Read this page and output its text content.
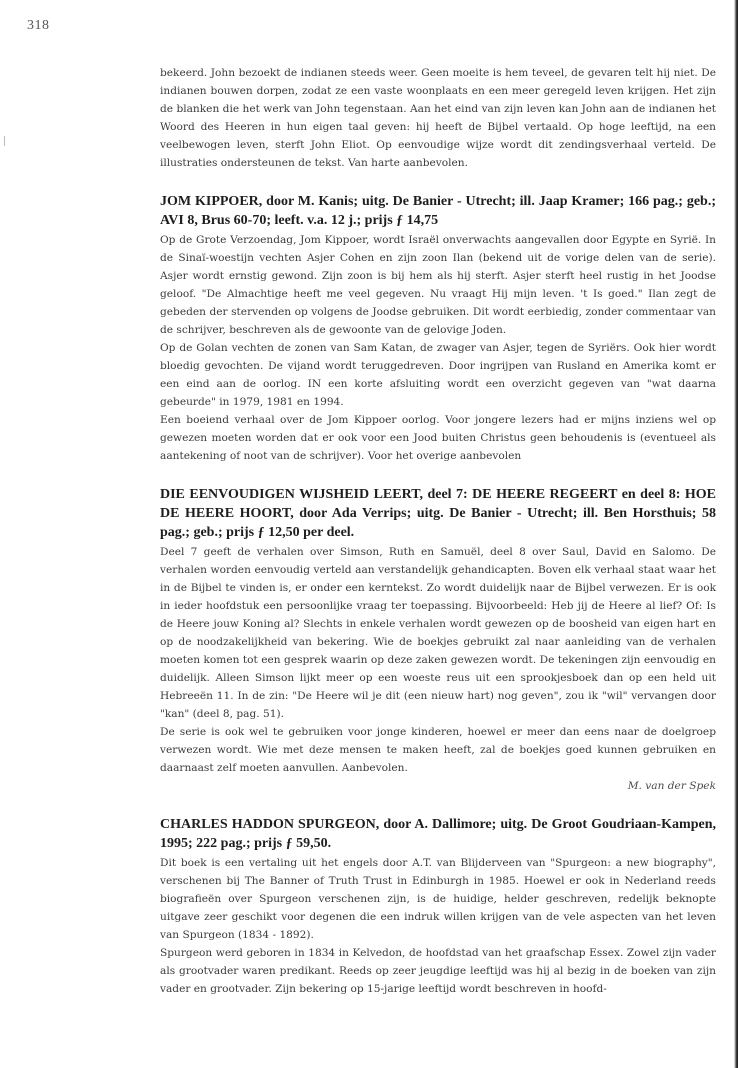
318

bekeerd. John bezoekt de indianen steeds weer. Geen moeite is hem teveel, de gevaren telt hij niet. De indianen bouwen dorpen, zodat ze een vaste woonplaats en een meer geregeld leven krijgen. Het zijn de blanken die het werk van John tegenstaan. Aan het eind van zijn leven kan John aan de indianen het Woord des Heeren in hun eigen taal geven: hij heeft de Bijbel vertaald. Op hoge leeftijd, na een veelbewogen leven, sterft John Eliot. Op eenvoudige wijze wordt dit zendingsverhaal verteld. De illustraties ondersteunen de tekst. Van harte aanbevolen.

JOM KIPPOER, door M. Kanis; uitg. De Banier - Utrecht; ill. Jaap Kramer; 166 pag.; geb.; AVI 8, Brus 60-70; leeft. v.a. 12 j.; prijs ƒ 14,75

Op de Grote Verzoendag, Jom Kippoer, wordt Israël onverwachts aangevallen door Egypte en Syrië. In de Sinaï-woestijn vechten Asjer Cohen en zijn zoon Ilan (bekend uit de vorige delen van de serie). Asjer wordt ernstig gewond. Zijn zoon is bij hem als hij sterft. Asjer sterft heel rustig in het Joodse geloof. "De Almachtige heeft me veel gegeven. Nu vraagt Hij mijn leven. 't Is goed." Ilan zegt de gebeden der stervenden op volgens de Joodse gebruiken. Dit wordt eerbiedig, zonder commentaar van de schrijver, beschreven als de gewoonte van de gelovige Joden.

Op de Golan vechten de zonen van Sam Katan, de zwager van Asjer, tegen de Syriërs. Ook hier wordt bloedig gevochten. De vijand wordt teruggedreven. Door ingrijpen van Rusland en Amerika komt er een eind aan de oorlog. IN een korte afsluiting wordt een overzicht gegeven van "wat daarna gebeurde" in 1979, 1981 en 1994.

Een boeiend verhaal over de Jom Kippoer oorlog. Voor jongere lezers had er mijns inziens wel op gewezen moeten worden dat er ook voor een Jood buiten Christus geen behoudenis is (eventueel als aantekening of noot van de schrijver). Voor het overige aanbevolen

DIE EENVOUDIGEN WIJSHEID LEERT, deel 7: DE HEERE REGEERT en deel 8: HOE DE HEERE HOORT, door Ada Verrips; uitg. De Banier - Utrecht; ill. Ben Horsthuis; 58 pag.; geb.; prijs ƒ 12,50 per deel.

Deel 7 geeft de verhalen over Simson, Ruth en Samuël, deel 8 over Saul, David en Salomo. De verhalen worden eenvoudig verteld aan verstandelijk gehandicapten. Boven elk verhaal staat waar het in de Bijbel te vinden is, er onder een kerntekst. Zo wordt duidelijk naar de Bijbel verwezen. Er is ook in ieder hoofdstuk een persoonlijke vraag ter toepassing. Bijvoorbeeld: Heb jij de Heere al lief? Of: Is de Heere jouw Koning al? Slechts in enkele verhalen wordt gewezen op de boosheid van eigen hart en op de noodzakelijkheid van bekering. Wie de boekjes gebruikt zal naar aanleiding van de verhalen moeten komen tot een gesprek waarin op deze zaken gewezen wordt. De tekeningen zijn eenvoudig en duidelijk. Alleen Simson lijkt meer op een woeste reus uit een sprookjesboek dan op een held uit Hebreeën 11. In de zin: "De Heere wil je dit (een nieuw hart) nog geven", zou ik "wil" vervangen door "kan" (deel 8, pag. 51).

De serie is ook wel te gebruiken voor jonge kinderen, hoewel er meer dan eens naar de doelgroep verwezen wordt. Wie met deze mensen te maken heeft, zal de boekjes goed kunnen gebruiken en daarnaast zelf moeten aanvullen. Aanbevolen.

M. van der Spek
CHARLES HADDON SPURGEON, door A. Dallimore; uitg. De Groot Goudriaan-Kampen, 1995; 222 pag.; prijs ƒ 59,50.

Dit boek is een vertaling uit het engels door A.T. van Blijderveen van "Spurgeon: a new biography", verschenen bij The Banner of Truth Trust in Edinburgh in 1985. Hoewel er ook in Nederland reeds biografieën over Spurgeon verschenen zijn, is de huidige, helder geschreven, redelijk beknopte uitgave zeer geschikt voor degenen die een indruk willen krijgen van de vele aspecten van het leven van Spurgeon (1834 - 1892).

Spurgeon werd geboren in 1834 in Kelvedon, de hoofdstad van het graafschap Essex. Zowel zijn vader als grootvader waren predikant. Reeds op zeer jeugdige leeftijd was hij al bezig in de boeken van zijn vader en grootvader. Zijn bekering op 15-jarige leeftijd wordt beschreven in hoofd-
